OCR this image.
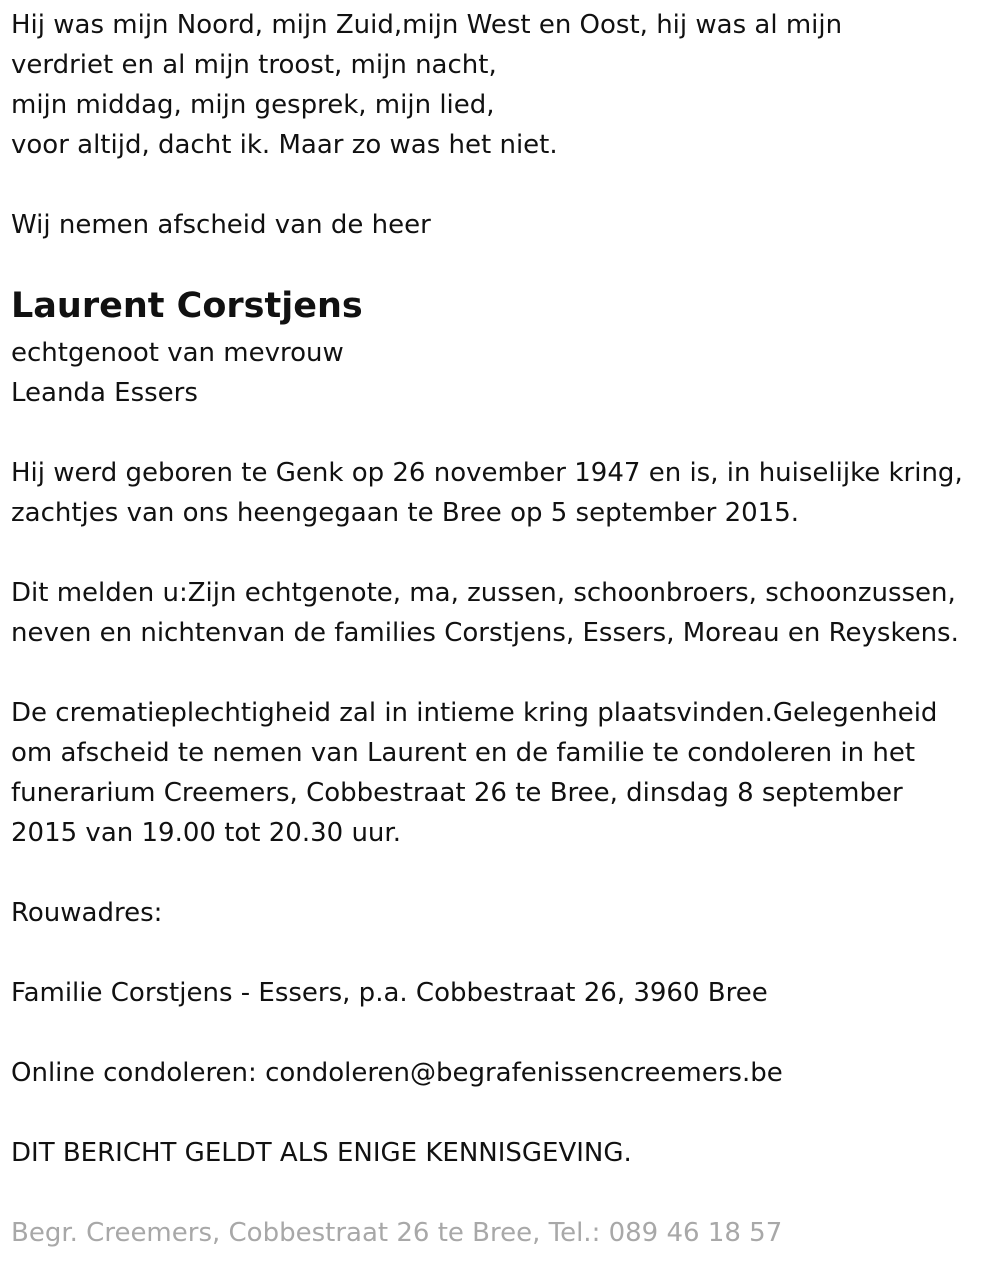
Hij was mijn Noord, mijn Zuid,mijn West en Oost, hij was al mijn
verdriet en al mijn troost, mijn nacht,
mijn middag, mijn gesprek, mijn lied,
voor altijd, dacht ik. Maar zo was het niet.
Wij nemen afscheid van de heer
Laurent Corstjens
echtgenoot van mevrouw
Leanda Essers
Hij werd geboren te Genk op 26 november 1947 en is, in huiselijke kring,
zachtjes van ons heengegaan te Bree op 5 september 2015.
Dit melden u:Zijn echtgenote, ma, zussen, schoonbroers, schoonzussen,
neven en nichtenvan de families Corstjens, Essers, Moreau en Reyskens.
De crematieplechtigheid zal in intieme kring plaatsvinden.Gelegenheid
om afscheid te nemen van Laurent en de familie te condoleren in het
funerarium Creemers, Cobbestraat 26 te Bree, dinsdag 8 september
2015 van 19.00 tot 20.30 uur.
Rouwadres:
Familie Corstjens - Essers, p.a. Cobbestraat 26, 3960 Bree
Online condoleren: condoleren@begrafenissencreemers.be
DIT BERICHT GELDT ALS ENIGE KENNISGEVING.
Begr. Creemers, Cobbestraat 26 te Bree, Tel.: 089 46 18 57
